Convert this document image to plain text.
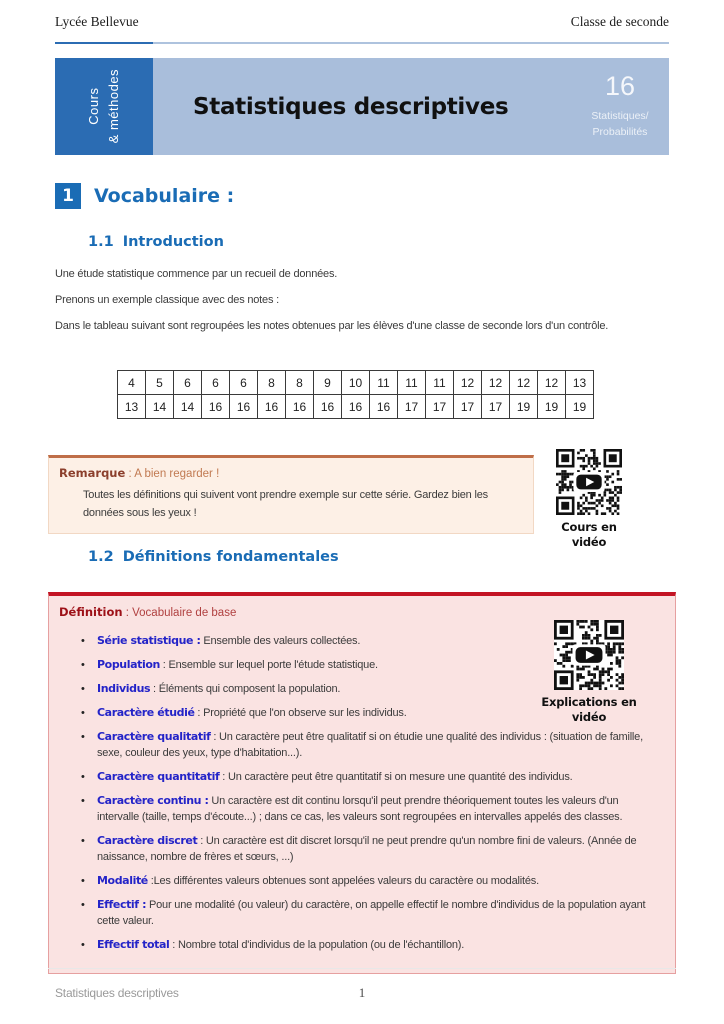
Lycée Bellevue	Classe de seconde
Cours & méthodes	Statistiques descriptives
16
Statistiques/
Probabilités
1	Vocabulaire :
1.1 Introduction

Une étude statistique commence par un recueil de données.

Prenons un exemple classique avec des notes :

Dans le tableau suivant sont regroupées les notes obtenues par les élèves d'une classe de seconde lors d'un contrôle.

4	5	6	6	6	8	8	9	10	11	11	11	12	12	12	12	13
13	14	14	16	16	16	16	16	16	16	17	17	17	17	19	19	19
Remarque : A bien regarder !
Toutes les définitions qui suivent vont prendre exemple sur cette série. Gardez bien les données sous les yeux !
Cours en vidéo
1.2 Définitions fondamentales
Définition : Vocabulaire de base
• Série statistique : Ensemble des valeurs collectées.
• Population : Ensemble sur lequel porte l'étude statistique.
• Individus : Éléments qui composent la population.
• Caractère étudié : Propriété que l'on observe sur les individus.
• Caractère qualitatif : Un caractère peut être qualitatif si on étudie une qualité des individus : (situation de famille, sexe, couleur des yeux, type d'habitation...).
• Caractère quantitatif : Un caractère peut être quantitatif si on mesure une quantité des individus.
• Caractère continu : Un caractère est dit continu lorsqu'il peut prendre théoriquement toutes les valeurs d'un intervalle (taille, temps d'écoute...) ; dans ce cas, les valeurs sont regroupées en intervalles appelés des classes.
• Caractère discret : Un caractère est dit discret lorsqu'il ne peut prendre qu'un nombre fini de valeurs. (Année de naissance, nombre de frères et sœurs, ...)
• Modalité :Les différentes valeurs obtenues sont appelées valeurs du caractère ou modalités.
• Effectif : Pour une modalité (ou valeur) du caractère, on appelle effectif le nombre d'individus de la population ayant cette valeur.
• Effectif total : Nombre total d'individus de la population (ou de l'échantillon).
Explications en
vidéo
Statistiques descriptives	1
